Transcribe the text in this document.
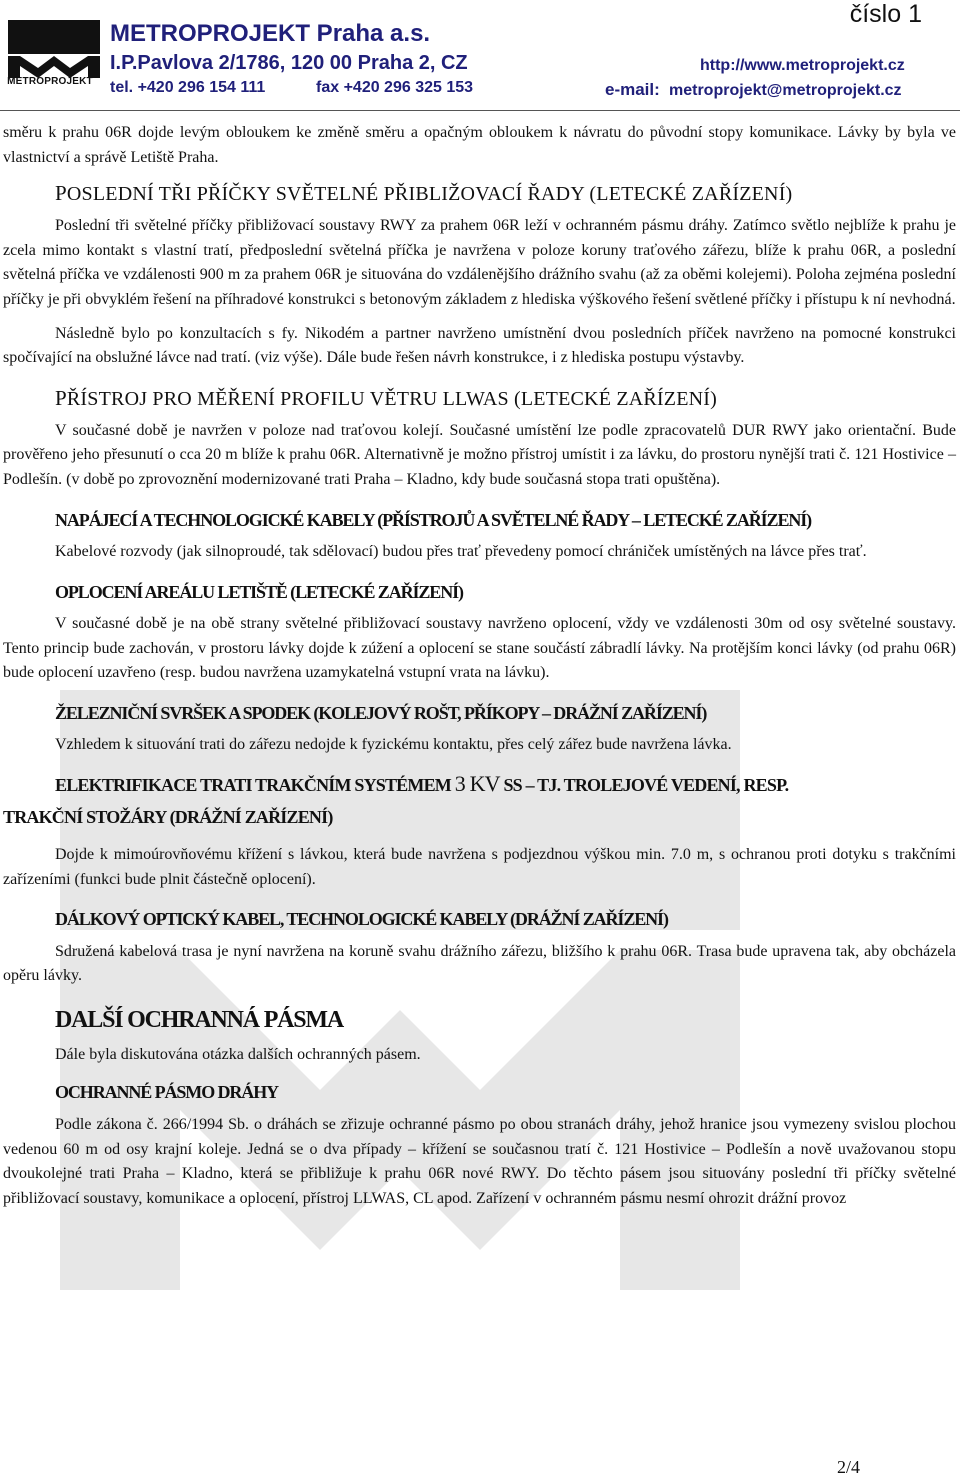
METROPROJEKT
METROPROJEKT Praha a.s.
I.P.Pavlova 2/1786, 120 00 Praha 2, CZ
tel. +420 296 154 111	fax +420 296 325 153
http://www.metroprojekt.cz
e-mail: metroprojekt@metroprojekt.cz
číslo 1

směru k prahu 06R dojde levým obloukem ke změně směru a opačným obloukem k návratu do původní stopy komunikace. Lávky by byla ve vlastnictví a správě Letiště Praha.

POSLEDNÍ TŘI PŘÍČKY SVĚTELNÉ PŘIBLIŽOVACÍ ŘADY (LETECKÉ ZAŘÍZENÍ)

Poslední tři světelné příčky přibližovací soustavy RWY za prahem 06R leží v ochranném pásmu dráhy. Zatímco světlo nejblíže k prahu je zcela mimo kontakt s vlastní tratí, předposlední světelná příčka je navržena v poloze koruny traťového zářezu, blíže k prahu 06R, a poslední světelná příčka ve vzdálenosti 900 m za prahem 06R je situována do vzdálenějšího drážního svahu (až za oběmi kolejemi). Poloha zejména poslední příčky je při obvyklém řešení na příhradové konstrukci s betonovým základem z hlediska výškového řešení světlené příčky i přístupu k ní nevhodná.

Následně bylo po konzultacích s fy. Nikodém a partner navrženo umístnění dvou posledních příček navrženo na pomocné konstrukci spočívající na obslužné lávce nad tratí. (viz výše). Dále bude řešen návrh konstrukce, i z hlediska postupu výstavby.

PŘÍSTROJ PRO MĚŘENÍ PROFILU VĚTRU LLWAS (LETECKÉ ZAŘÍZENÍ)

V současné době je navržen v poloze nad traťovou kolejí. Současné umístění lze podle zpracovatelů DUR RWY jako orientační. Bude prověřeno jeho přesunutí o cca 20 m blíže k prahu 06R. Alternativně je možno přístroj umístit i za lávku, do prostoru nynější trati č. 121 Hostivice – Podlešín. (v době po zprovoznění modernizované trati Praha – Kladno, kdy bude současná stopa trati opuštěna).

NAPÁJECÍ A TECHNOLOGICKÉ KABELY (PŘÍSTROJŮ A SVĚTELNÉ ŘADY – LETECKÉ ZAŘÍZENÍ)

Kabelové rozvody (jak silnoproudé, tak sdělovací) budou přes trať převedeny pomocí chrániček umístěných na lávce přes trať.

OPLOCENÍ AREÁLU LETIŠTĚ (LETECKÉ ZAŘÍZENÍ)

V současné době je na obě strany světelné přibližovací soustavy navrženo oplocení, vždy ve vzdálenosti 30m od osy světelné soustavy. Tento princip bude zachován, v prostoru lávky dojde k zúžení a oplocení se stane součástí zábradlí lávky. Na protějším konci lávky (od prahu 06R) bude oplocení uzavřeno (resp. budou navržena uzamykatelná vstupní vrata na lávku).

ŽELEZNIČNÍ SVRŠEK A SPODEK (KOLEJOVÝ ROŠT, PŘÍKOPY – DRÁŽNÍ ZAŘÍZENÍ)

Vzhledem k situování trati do zářezu nedojde k fyzickému kontaktu, přes celý zářez bude navržena lávka.

ELEKTRIFIKACE TRATI TRAKČNÍM SYSTÉMEM 3 KV SS – TJ. TROLEJOVÉ VEDENÍ, RESP.
TRAKČNÍ STOŽÁRY (DRÁŽNÍ ZAŘÍZENÍ)

Dojde k mimoúrovňovému křížení s lávkou, která bude navržena s podjezdnou výškou min. 7.0 m, s ochranou proti dotyku s trakčními zařízeními (funkci bude plnit částečně oplocení).

DÁLKOVÝ OPTICKÝ KABEL, TECHNOLOGICKÉ KABELY (DRÁŽNÍ ZAŘÍZENÍ)

Sdružená kabelová trasa je nyní navržena na koruně svahu drážního zářezu, bližšího k prahu 06R. Trasa bude upravena tak, aby obcházela opěru lávky.

DALŠÍ OCHRANNÁ PÁSMA

Dále byla diskutována otázka dalších ochranných pásem.

OCHRANNÉ PÁSMO DRÁHY

Podle zákona č. 266/1994 Sb. o dráhách se zřizuje ochranné pásmo po obou stranách dráhy, jehož hranice jsou vymezeny svislou plochou vedenou 60 m od osy krajní koleje. Jedná se o dva případy – křížení se současnou tratí č. 121 Hostivice – Podlešín a nově uvažovanou stopu dvoukolejné trati Praha – Kladno, která se přibližuje k prahu 06R nové RWY. Do těchto pásem jsou situovány poslední tři příčky světelné přibližovací soustavy, komunikace a oplocení, přístroj LLWAS, CL apod. Zařízení v ochranném pásmu nesmí ohrozit drážní provoz

2/4
